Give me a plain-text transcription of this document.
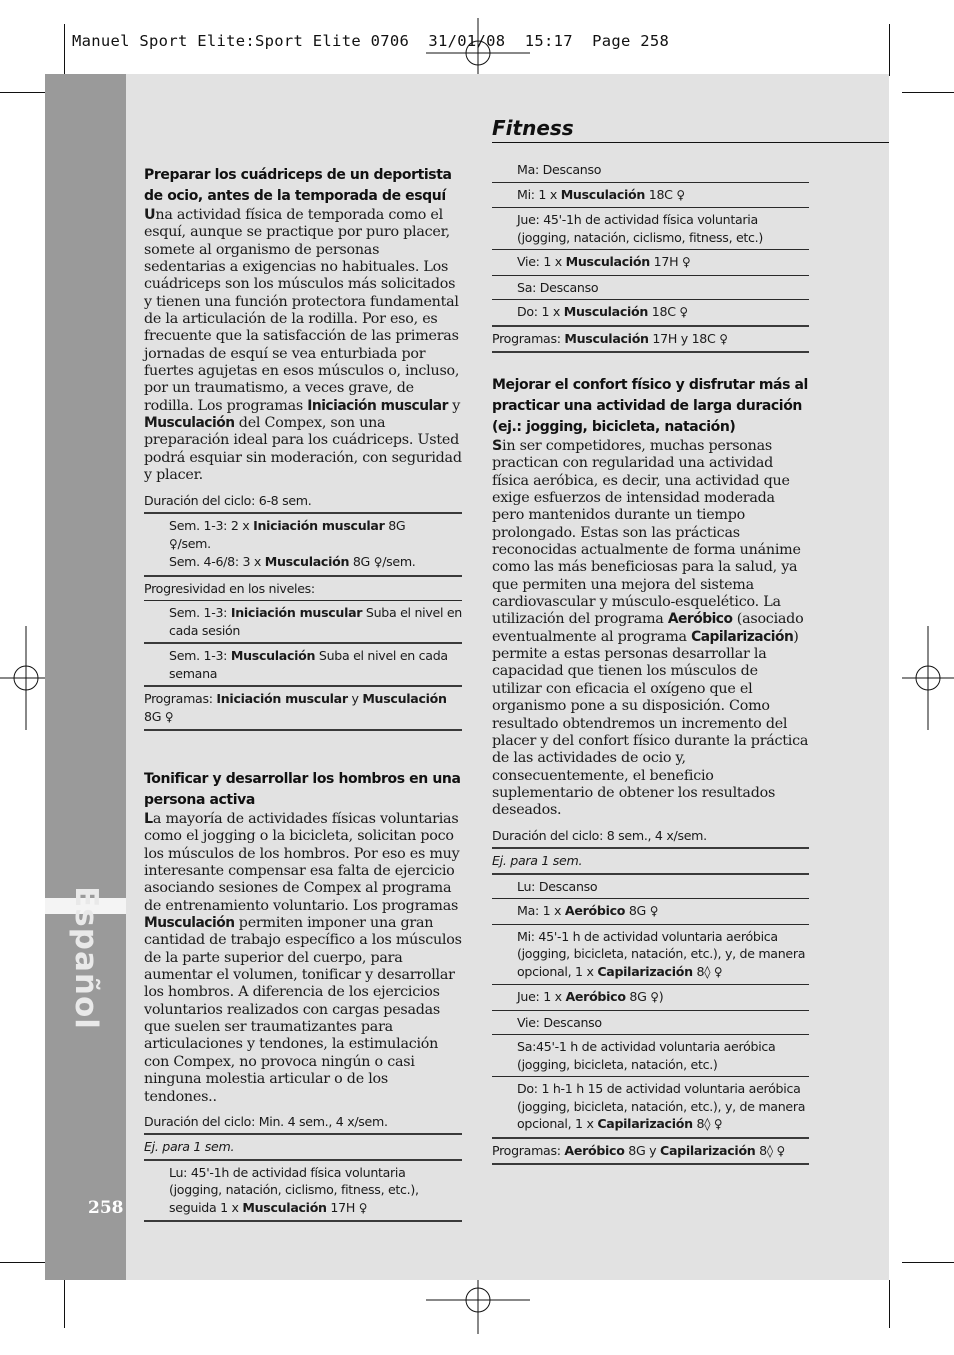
Manuel Sport Elite:Sport Elite 0706  31/01/08  15:17  Page 258
Español
258
Fitness
Preparar los cuádriceps de un deportista de ocio, antes de la temporada de esquí

Una actividad física de temporada como el esquí, aunque se practique por puro placer, somete al organismo de personas sedentarias a exigencias no habituales. Los cuádriceps son los músculos más solicitados y tienen una función protectora fundamental de la articulación de la rodilla. Por eso, es frecuente que la satisfacción de las primeras jornadas de esquí se vea enturbiada por fuertes agujetas en esos músculos o, incluso, por un traumatismo, a veces grave, de rodilla. Los programas Iniciación muscular y Musculación del Compex, son una preparación ideal para los cuádriceps. Usted podrá esquiar sin moderación, con seguridad y placer.

Duración del ciclo: 6-8 sem.
Sem. 1-3: 2 x Iniciación muscular 8G
♀/sem.
Sem. 4-6/8: 3 x Musculación 8G ♀/sem.
Progresividad en los niveles:
Sem. 1-3: Iniciación muscular Suba el nivel en cada sesión
Sem. 1-3: Musculación Suba el nivel en cada semana
Programas: Iniciación muscular y Musculación 8G ♀
Tonificar y desarrollar los hombros en una persona activa

La mayoría de actividades físicas voluntarias como el jogging o la bicicleta, solicitan poco los músculos de los hombros. Por eso es muy interesante compensar esa falta de ejercicio asociando sesiones de Compex al programa de entrenamiento voluntario. Los programas Musculación permiten imponer una gran cantidad de trabajo específico a los músculos de la parte superior del cuerpo, para aumentar el volumen, tonificar y desarrollar los hombros. A diferencia de los ejercicios voluntarios realizados con cargas pesadas que suelen ser traumatizantes para articulaciones y tendones, la estimulación con Compex, no provoca ningún o casi ninguna molestia articular o de los tendones..

Duración del ciclo: Min. 4 sem., 4 x/sem.
Ej. para 1 sem.
Lu: 45'-1h de actividad física voluntaria (jogging, natación, ciclismo, fitness, etc.), seguida 1 x Musculación 17H ♀
Ma: Descanso
Mi: 1 x Musculación 18C ♀
Jue: 45'-1h de actividad física voluntaria (jogging, natación, ciclismo, fitness, etc.)
Vie: 1 x Musculación 17H ♀
Sa: Descanso
Do: 1 x Musculación 18C ♀
Programas: Musculación 17H y 18C ♀
Mejorar el confort físico y disfrutar más al practicar una actividad de larga duración
(ej.: jogging, bicicleta, natación)

Sin ser competidores, muchas personas practican con regularidad una actividad física aeróbica, es decir, una actividad que exige esfuerzos de intensidad moderada pero mantenidos durante un tiempo prolongado. Estas son las prácticas reconocidas actualmente de forma unánime como las más beneficiosas para la salud, ya que permiten una mejora del sistema cardiovascular y músculo-esquelético. La utilización del programa Aeróbico (asociado eventualmente al programa Capilarización) permite a estas personas desarrollar la capacidad que tienen los músculos de utilizar con eficacia el oxígeno que el organismo pone a su disposición. Como resultado obtendremos un incremento del placer y del confort físico durante la práctica de las actividades de ocio y, consecuentemente, el beneficio suplementario de obtener los resultados deseados.

Duración del ciclo: 8 sem., 4 x/sem.
Ej. para 1 sem.
Lu: Descanso
Ma: 1 x Aeróbico 8G ♀
Mi: 45'-1 h de actividad voluntaria aeróbica (jogging, bicicleta, natación, etc.), y, de manera opcional, 1 x Capilarización 8◊ ♀
Jue: 1 x Aeróbico 8G ♀)
Vie: Descanso
Sa:45'-1 h de actividad voluntaria aeróbica (jogging, bicicleta, natación, etc.)
Do: 1 h-1 h 15 de actividad voluntaria aeróbica (jogging, bicicleta, natación, etc.), y, de manera opcional, 1 x Capilarización 8◊ ♀
Programas: Aeróbico 8G y Capilarización 8◊ ♀
